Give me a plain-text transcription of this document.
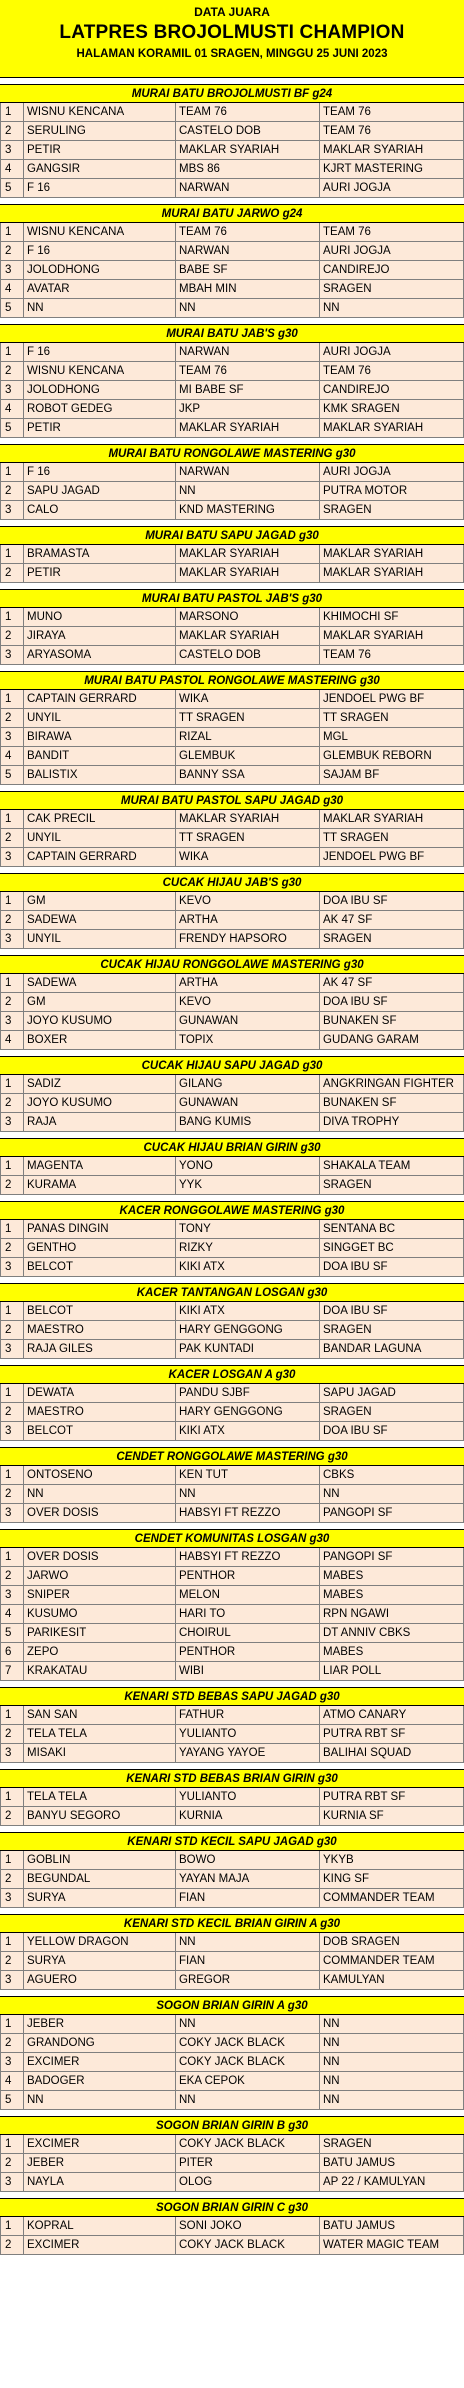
DATA JUARA
LATPRES BROJOLMUSTI CHAMPION
HALAMAN KORAMIL 01 SRAGEN, MINGGU 25 JUNI 2023
MURAI BATU BROJOLMUSTI BF g24
1	WISNU KENCANA	TEAM 76	TEAM 76
2	SERULING	CASTELO DOB	TEAM 76
3	PETIR	MAKLAR SYARIAH	MAKLAR SYARIAH
4	GANGSIR	MBS 86	KJRT MASTERING
5	F 16	NARWAN	AURI JOGJA
MURAI BATU JARWO g24
1	WISNU KENCANA	TEAM 76	TEAM 76
2	F 16	NARWAN	AURI JOGJA
3	JOLODHONG	BABE SF	CANDIREJO
4	AVATAR	MBAH MIN	SRAGEN
5	NN	NN	NN
MURAI BATU JAB'S g30
1	F 16	NARWAN	AURI JOGJA
2	WISNU KENCANA	TEAM 76	TEAM 76
3	JOLODHONG	MI BABE SF	CANDIREJO
4	ROBOT GEDEG	JKP	KMK SRAGEN
5	PETIR	MAKLAR SYARIAH	MAKLAR SYARIAH
MURAI BATU RONGOLAWE MASTERING g30
1	F 16	NARWAN	AURI JOGJA
2	SAPU JAGAD	NN	PUTRA MOTOR
3	CALO	KND MASTERING	SRAGEN
MURAI BATU SAPU JAGAD g30
1	BRAMASTA	MAKLAR SYARIAH	MAKLAR SYARIAH
2	PETIR	MAKLAR SYARIAH	MAKLAR SYARIAH
MURAI BATU PASTOL JAB'S g30
1	MUNO	MARSONO	KHIMOCHI SF
2	JIRAYA	MAKLAR SYARIAH	MAKLAR SYARIAH
3	ARYASOMA	CASTELO DOB	TEAM 76
MURAI BATU PASTOL RONGOLAWE MASTERING g30
1	CAPTAIN GERRARD	WIKA	JENDOEL PWG BF
2	UNYIL	TT SRAGEN	TT SRAGEN
3	BIRAWA	RIZAL	MGL
4	BANDIT	GLEMBUK	GLEMBUK REBORN
5	BALISTIX	BANNY SSA	SAJAM BF
MURAI BATU PASTOL SAPU JAGAD g30
1	CAK PRECIL	MAKLAR SYARIAH	MAKLAR SYARIAH
2	UNYIL	TT SRAGEN	TT SRAGEN
3	CAPTAIN GERRARD	WIKA	JENDOEL PWG BF
CUCAK HIJAU JAB'S g30
1	GM	KEVO	DOA IBU SF
2	SADEWA	ARTHA	AK 47 SF
3	UNYIL	FRENDY HAPSORO	SRAGEN
CUCAK HIJAU RONGGOLAWE MASTERING g30
1	SADEWA	ARTHA	AK 47 SF
2	GM	KEVO	DOA IBU SF
3	JOYO KUSUMO	GUNAWAN	BUNAKEN SF
4	BOXER	TOPIX	GUDANG GARAM
CUCAK HIJAU SAPU JAGAD g30
1	SADIZ	GILANG	ANGKRINGAN FIGHTER
2	JOYO KUSUMO	GUNAWAN	BUNAKEN SF
3	RAJA	BANG KUMIS	DIVA TROPHY
CUCAK HIJAU BRIAN GIRIN g30
1	MAGENTA	YONO	SHAKALA TEAM
2	KURAMA	YYK	SRAGEN
KACER RONGGOLAWE MASTERING g30
1	PANAS DINGIN	TONY	SENTANA BC
2	GENTHO	RIZKY	SINGGET BC
3	BELCOT	KIKI ATX	DOA IBU SF
KACER TANTANGAN LOSGAN g30
1	BELCOT	KIKI ATX	DOA IBU SF
2	MAESTRO	HARY GENGGONG	SRAGEN
3	RAJA GILES	PAK KUNTADI	BANDAR LAGUNA
KACER LOSGAN A g30
1	DEWATA	PANDU SJBF	SAPU JAGAD
2	MAESTRO	HARY GENGGONG	SRAGEN
3	BELCOT	KIKI ATX	DOA IBU SF
CENDET RONGGOLAWE MASTERING g30
1	ONTOSENO	KEN TUT	CBKS
2	NN	NN	NN
3	OVER DOSIS	HABSYI FT REZZO	PANGOPI SF
CENDET KOMUNITAS LOSGAN g30
1	OVER DOSIS	HABSYI FT REZZO	PANGOPI SF
2	JARWO	PENTHOR	MABES
3	SNIPER	MELON	MABES
4	KUSUMO	HARI TO	RPN NGAWI
5	PARIKESIT	CHOIRUL	DT ANNIV CBKS
6	ZEPO	PENTHOR	MABES
7	KRAKATAU	WIBI	LIAR POLL
KENARI STD BEBAS SAPU JAGAD g30
1	SAN SAN	FATHUR	ATMO CANARY
2	TELA TELA	YULIANTO	PUTRA RBT SF
3	MISAKI	YAYANG YAYOE	BALIHAI SQUAD
KENARI STD BEBAS BRIAN GIRIN g30
1	TELA TELA	YULIANTO	PUTRA RBT SF
2	BANYU SEGORO	KURNIA	KURNIA SF
KENARI STD KECIL SAPU JAGAD g30
1	GOBLIN	BOWO	YKYB
2	BEGUNDAL	YAYAN MAJA	KING SF
3	SURYA	FIAN	COMMANDER TEAM
KENARI STD KECIL BRIAN GIRIN A g30
1	YELLOW DRAGON	NN	DOB SRAGEN
2	SURYA	FIAN	COMMANDER TEAM
3	AGUERO	GREGOR	KAMULYAN
SOGON BRIAN GIRIN A g30
1	JEBER	NN	NN
2	GRANDONG	COKY JACK BLACK	NN
3	EXCIMER	COKY JACK BLACK	NN
4	BADOGER	EKA CEPOK	NN
5	NN	NN	NN
SOGON BRIAN GIRIN B g30
1	EXCIMER	COKY JACK BLACK	SRAGEN
2	JEBER	PITER	BATU JAMUS
3	NAYLA	OLOG	AP 22 / KAMULYAN
SOGON BRIAN GIRIN C g30
1	KOPRAL	SONI JOKO	BATU JAMUS
2	EXCIMER	COKY JACK BLACK	WATER MAGIC TEAM
